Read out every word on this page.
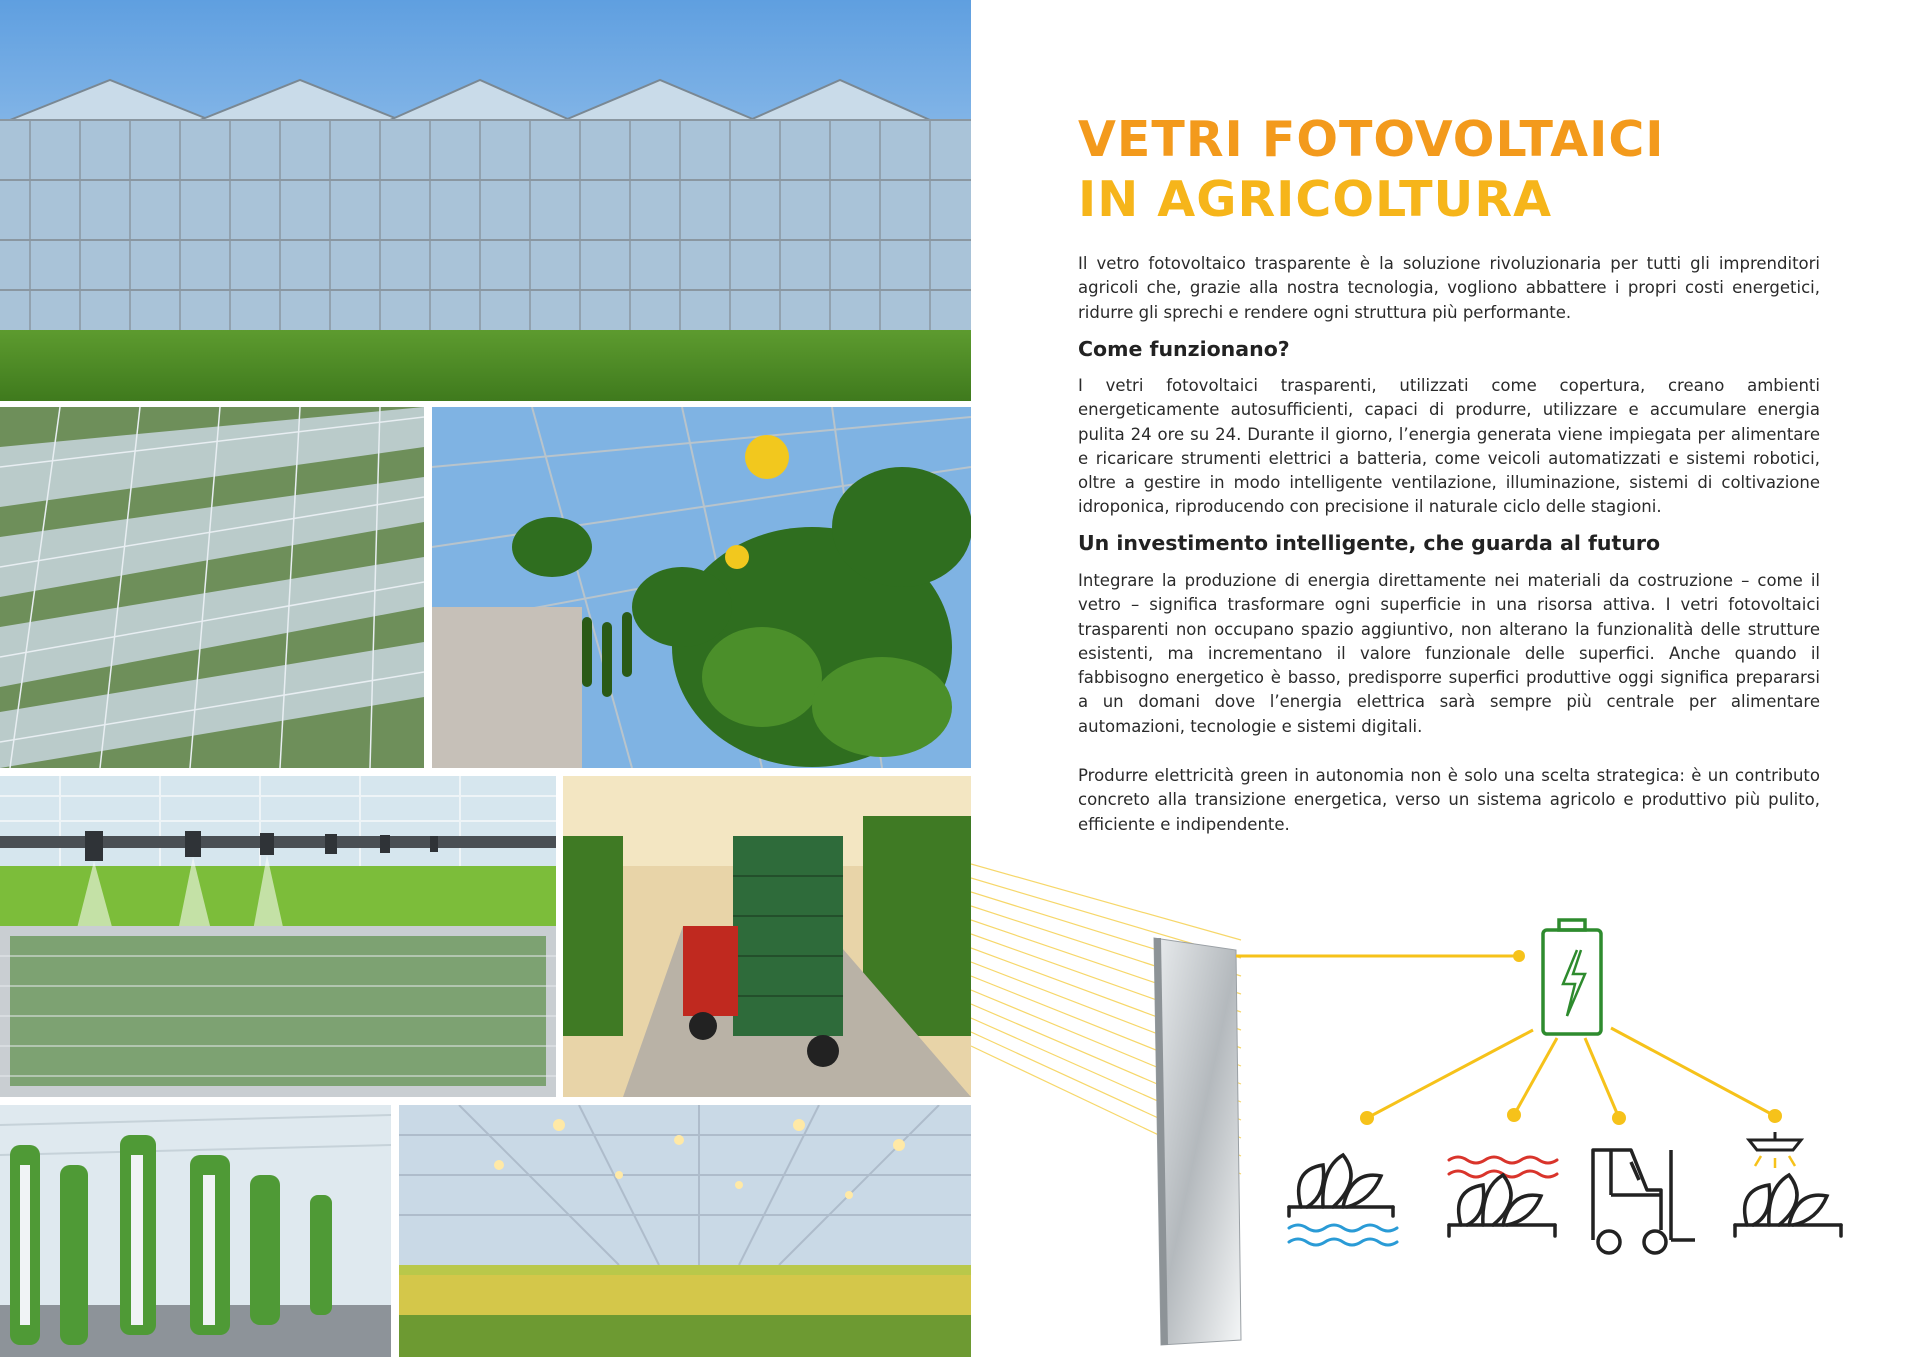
VETRI FOTOVOLTAICI
IN AGRICOLTURA

Il vetro fotovoltaico trasparente è la soluzione rivoluzionaria per tutti gli imprenditori agricoli che, grazie alla nostra tecnologia, vogliono abbattere i propri costi energetici, ridurre gli sprechi e rendere ogni struttura più performante.

Come funzionano?

I vetri fotovoltaici trasparenti, utilizzati come copertura, creano ambienti energeticamente autosufficienti, capaci di produrre, utilizzare e accumulare energia pulita 24 ore su 24. Durante il giorno, l’energia generata viene impiegata per alimentare e ricaricare strumenti elettrici a batteria, come veicoli automatizzati e sistemi robotici, oltre a gestire in modo intelligente ventilazione, illuminazione, sistemi di coltivazione idroponica, riproducendo con precisione il naturale ciclo delle stagioni.

Un investimento intelligente, che guarda al futuro

Integrare la produzione di energia direttamente nei materiali da costruzione – come il vetro – significa trasformare ogni superficie in una risorsa attiva. I vetri fotovoltaici trasparenti non occupano spazio aggiuntivo, non alterano la funzionalità delle strutture esistenti, ma incrementano il valore funzionale delle superfici. Anche quando il fabbisogno energetico è basso, predisporre superfici produttive oggi significa prepararsi a un domani dove l’energia elettrica sarà sempre più centrale per alimentare automazioni, tecnologie e sistemi digitali.

Produrre elettricità green in autonomia non è solo una scelta strategica: è un contributo concreto alla transizione energetica, verso un sistema agricolo e produttivo più pulito, efficiente e indipendente.
